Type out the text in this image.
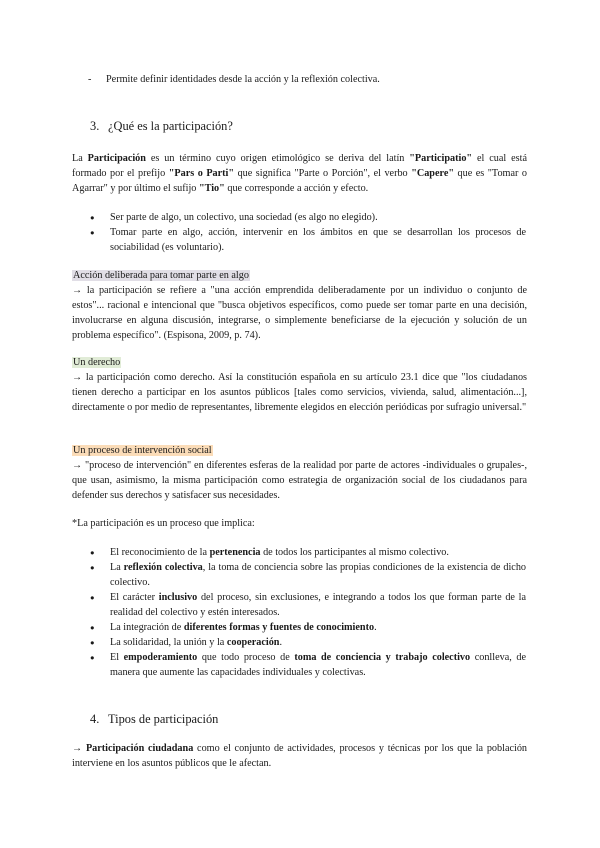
- Permite definir identidades desde la acción y la reflexión colectiva.
3. ¿Qué es la participación?
La Participación es un término cuyo origen etimológico se deriva del latín "Participatio" el cual está formado por el prefijo "Pars o Parti" que significa "Parte o Porción", el verbo "Capere" que es "Tomar o Agarrar" y por último el sufijo "Tio" que corresponde a acción y efecto.
● Ser parte de algo, un colectivo, una sociedad (es algo no elegido).
● Tomar parte en algo, acción, intervenir en los ámbitos en que se desarrollan los procesos de sociabilidad (es voluntario).
Acción deliberada para tomar parte en algo
→ la participación se refiere a "una acción emprendida deliberadamente por un individuo o conjunto de estos"... racional e intencional que "busca objetivos específicos, como puede ser tomar parte en una decisión, involucrarse en alguna discusión, integrarse, o simplemente beneficiarse de la ejecución y solución de un problema específico". (Espisona, 2009, p. 74).
Un derecho
→ la participación como derecho. Así la constitución española en su artículo 23.1 dice que "los ciudadanos tienen derecho a participar en los asuntos públicos [tales como servicios, vivienda, salud, alimentación...], directamente o por medio de representantes, libremente elegidos en elección periódicas por sufragio universal."
Un proceso de intervención social
→ "proceso de intervención" en diferentes esferas de la realidad por parte de actores -individuales o grupales-, que usan, asimismo, la misma participación como estrategia de organización social de los ciudadanos para defender sus derechos y satisfacer sus necesidades.
*La participación es un proceso que implica:
● El reconocimiento de la pertenencia de todos los participantes al mismo colectivo.
● La reflexión colectiva, la toma de conciencia sobre las propias condiciones de la existencia de dicho colectivo.
● El carácter inclusivo del proceso, sin exclusiones, e integrando a todos los que forman parte de la realidad del colectivo y estén interesados.
● La integración de diferentes formas y fuentes de conocimiento.
● La solidaridad, la unión y la cooperación.
● El empoderamiento que todo proceso de toma de conciencia y trabajo colectivo conlleva, de manera que aumente las capacidades individuales y colectivas.
4. Tipos de participación
→ Participación ciudadana como el conjunto de actividades, procesos y técnicas por los que la población interviene en los asuntos públicos que le afectan.
